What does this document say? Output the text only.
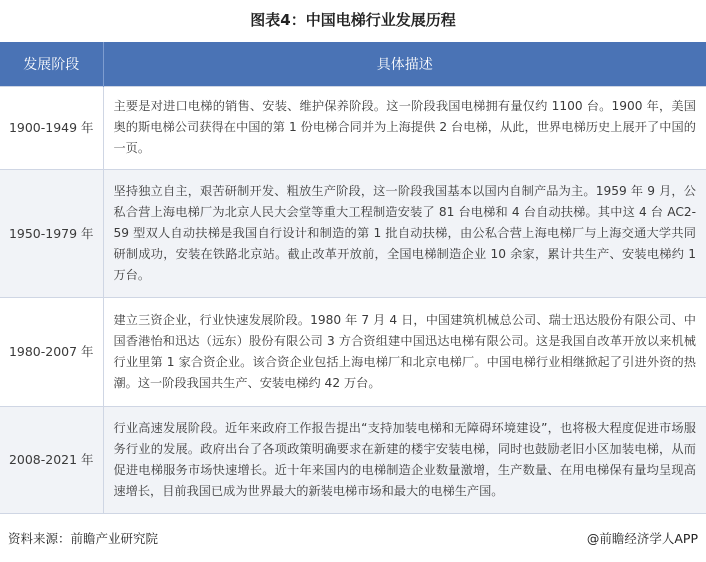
图表4：中国电梯行业发展历程
发展阶段	具体描述
1900-1949 年	主要是对进口电梯的销售、安装、维护保养阶段。这一阶段我国电梯拥有量仅约 1100 台。1900 年，美国奥的斯电梯公司获得在中国的第 1 份电梯合同并为上海提供 2 台电梯，从此，世界电梯历史上展开了中国的一页。
1950-1979 年	坚持独立自主，艰苦研制开发、粗放生产阶段，这一阶段我国基本以国内自制产品为主。1959 年 9 月，公私合营上海电梯厂为北京人民大会堂等重大工程制造安装了 81 台电梯和 4 台自动扶梯。其中这 4 台 AC2-59 型双人自动扶梯是我国自行设计和制造的第 1 批自动扶梯，由公私合营上海电梯厂与上海交通大学共同研制成功，安装在铁路北京站。截止改革开放前，全国电梯制造企业 10 余家，累计共生产、安装电梯约 1 万台。
1980-2007 年	建立三资企业，行业快速发展阶段。1980 年 7 月 4 日，中国建筑机械总公司、瑞士迅达股份有限公司、中国香港怡和迅达（远东）股份有限公司 3 方合资组建中国迅达电梯有限公司。这是我国自改革开放以来机械行业里第 1 家合资企业。该合资企业包括上海电梯厂和北京电梯厂。中国电梯行业相继掀起了引进外资的热潮。这一阶段我国共生产、安装电梯约 42 万台。
2008-2021 年	行业高速发展阶段。近年来政府工作报告提出“支持加装电梯和无障碍环境建设”，也将极大程度促进市场服务行业的发展。政府出台了各项政策明确要求在新建的楼宇安装电梯，同时也鼓励老旧小区加装电梯，从而促进电梯服务市场快速增长。近十年来国内的电梯制造企业数量激增，生产数量、在用电梯保有量均呈现高速增长，目前我国已成为世界最大的新装电梯市场和最大的电梯生产国。
资料来源：前瞻产业研究院	@前瞻经济学人APP
